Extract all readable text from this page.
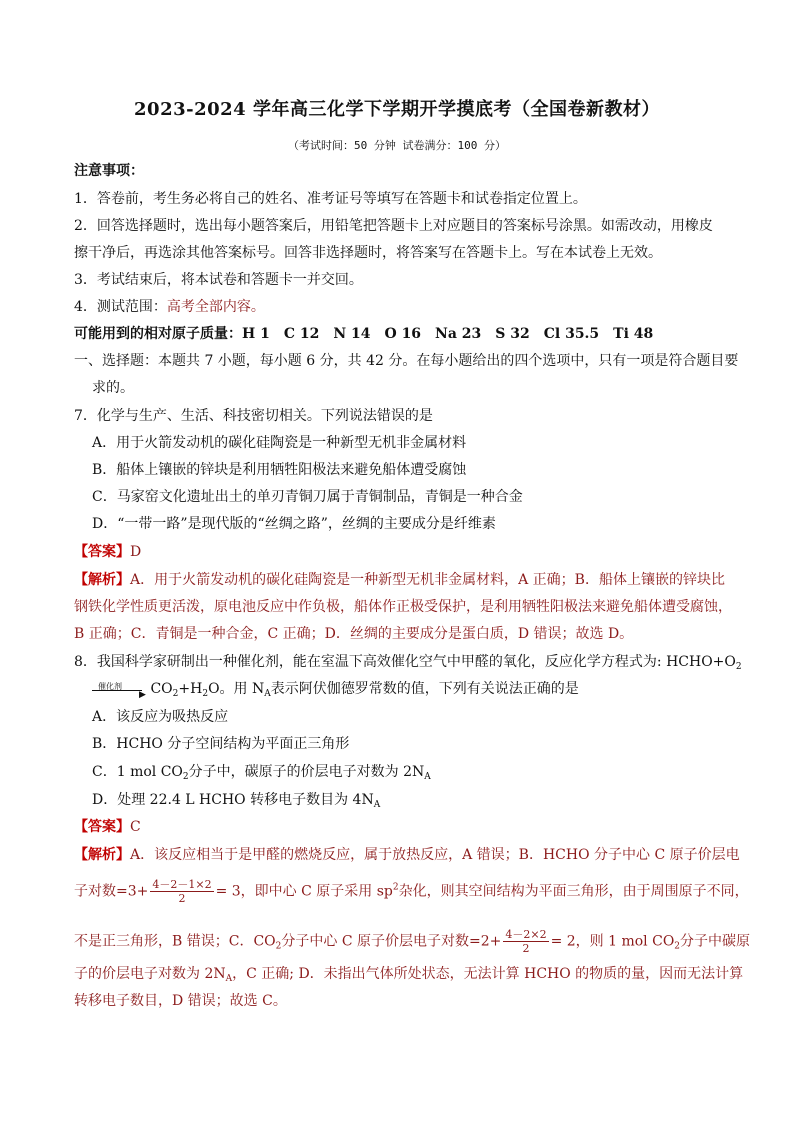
2023-2024 学年高三化学下学期开学摸底考（全国卷新教材）
（考试时间：50 分钟 试卷满分：100 分）
注意事项：
1．答卷前，考生务必将自己的姓名、准考证号等填写在答题卡和试卷指定位置上。
2．回答选择题时，选出每小题答案后，用铅笔把答题卡上对应题目的答案标号涂黑。如需改动，用橡皮
擦干净后，再选涂其他答案标号。回答非选择题时，将答案写在答题卡上。写在本试卷上无效。
3．考试结束后，将本试卷和答题卡一并交回。
4．测试范围：高考全部内容。
可能用到的相对原子质量：H 1　C 12　N 14　O 16　Na 23　S 32　Cl 35.5　Ti 48
一、选择题：本题共 7 小题，每小题 6 分，共 42 分。在每小题给出的四个选项中，只有一项是符合题目要
求的。
7．化学与生产、生活、科技密切相关。下列说法错误的是
A．用于火箭发动机的碳化硅陶瓷是一种新型无机非金属材料
B．船体上镶嵌的锌块是利用牺牲阳极法来避免船体遭受腐蚀
C．马家窑文化遗址出土的单刃青铜刀属于青铜制品，青铜是一种合金
D．“一带一路”是现代版的“丝绸之路”，丝绸的主要成分是纤维素
【答案】D
【解析】A．用于火箭发动机的碳化硅陶瓷是一种新型无机非金属材料，A 正确；B．船体上镶嵌的锌块比
钢铁化学性质更活泼，原电池反应中作负极，船体作正极受保护，是利用牺牲阳极法来避免船体遭受腐蚀，
B 正确；C．青铜是一种合金，C 正确；D．丝绸的主要成分是蛋白质，D 错误；故选 D。
8．我国科学家研制出一种催化剂，能在室温下高效催化空气中甲醛的氧化，反应化学方程式为: $HCHO+O_2$
催化剂
▶ $CO_2+H_2O$。用 $N_A$表示阿伏伽德罗常数的值，下列有关说法正确的是
A．该反应为吸热反应
B．HCHO 分子空间结构为平面正三角形
C．1 mol $CO_2$分子中，碳原子的价层电子对数为 $2N_A$
D．处理 22.4 L HCHO 转移电子数目为 $4N_A$
【答案】C
【解析】A．该反应相当于是甲醛的燃烧反应，属于放热反应，A 错误；B．HCHO 分子中心 C 原子价层电
子对数$=3+ \frac{4-2-1\times 2}{2} = 3$，即中心 C 原子采用 $sp^2$杂化，则其空间结构为平面三角形，由于周围原子不同，
不是正三角形，B 错误；C．$CO_2$分子中心 C 原子价层电子对数$=2+ \frac{4-2\times 2}{2} = 2$，则 1 mol $CO_2$分子中碳原
子的价层电子对数为 $2N_A$，C 正确; D．未指出气体所处状态，无法计算 HCHO 的物质的量，因而无法计算
转移电子数目，D 错误；故选 C。
